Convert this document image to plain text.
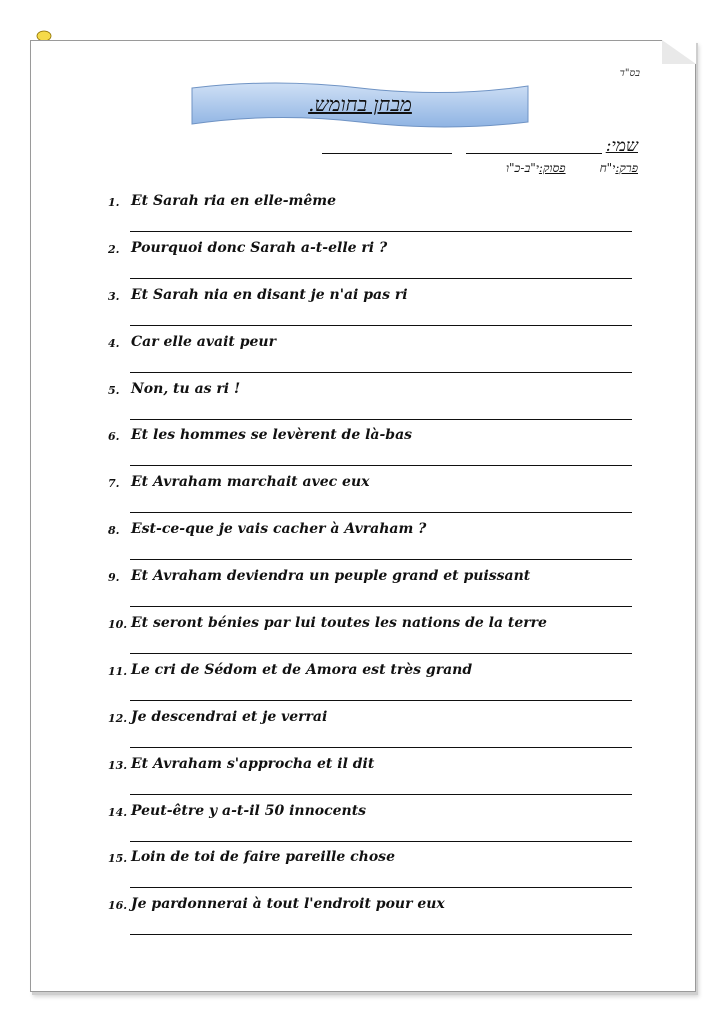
בס"ד
מבחן בחומש.
שמי:
פרק:י"חפסוק:י"ב-כ"ו
1. Et Sarah ria en elle-même
2. Pourquoi donc Sarah a-t-elle ri ?
3. Et Sarah nia en disant je n'ai pas ri
4. Car elle avait peur
5. Non, tu as ri !
6. Et les hommes se levèrent de là-bas
7. Et Avraham marchait avec eux
8. Est-ce-que je vais cacher à Avraham ?
9. Et Avraham deviendra un peuple grand et puissant
10. Et seront bénies par lui toutes les nations de la terre
11. Le cri de Sédom et de Amora est très grand
12. Je descendrai et je verrai
13. Et Avraham s'approcha et il dit
14. Peut-être y a-t-il 50 innocents
15. Loin de toi de faire pareille chose
16. Je pardonnerai à tout l'endroit pour eux
